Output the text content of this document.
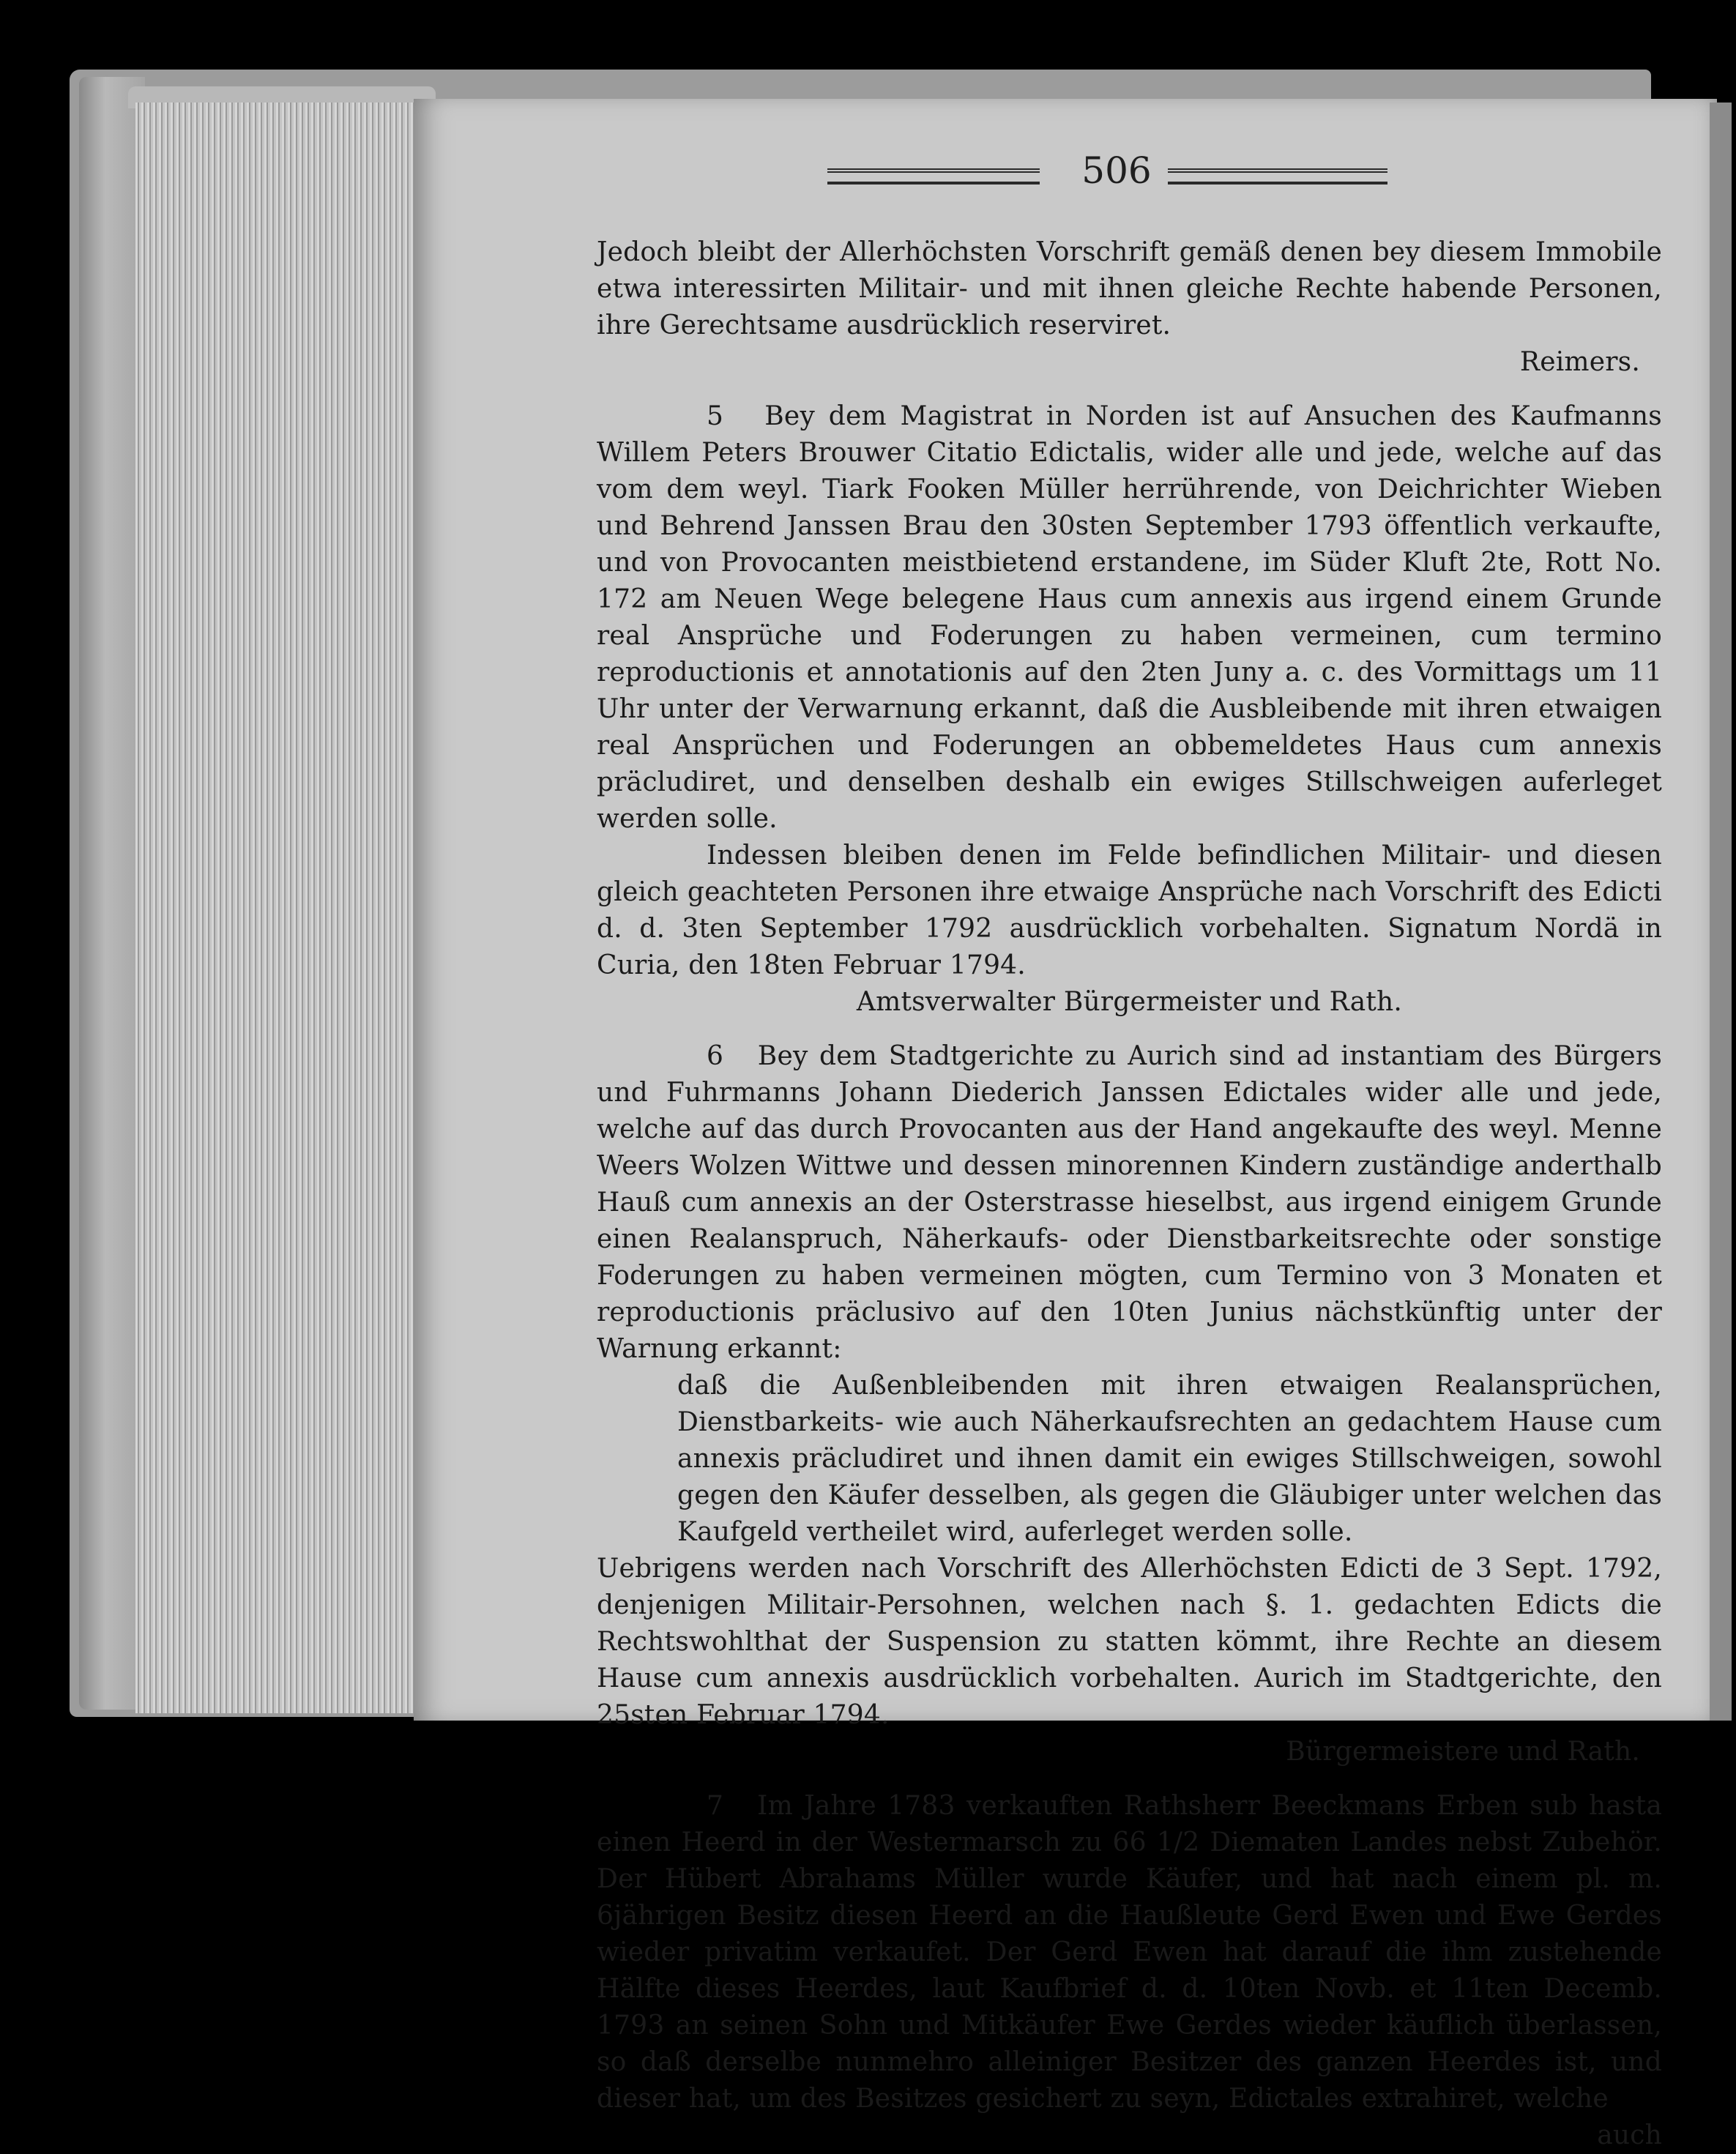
506

Jedoch bleibt der Allerhöchsten Vorschrift gemäß denen bey diesem Immobile etwa interessirten Militair- und mit ihnen gleiche Rechte habende Personen, ihre Gerechtsame ausdrücklich reserviret.

Reimers.

5 Bey dem Magistrat in Norden ist auf Ansuchen des Kaufmanns Willem Peters Brouwer Citatio Edictalis, wider alle und jede, welche auf das vom dem weyl. Tiark Fooken Müller herrührende, von Deichrichter Wieben und Behrend Janssen Brau den 30sten September 1793 öffentlich verkaufte, und von Provocanten meistbietend erstandene, im Süder Kluft 2te, Rott No. 172 am Neuen Wege belegene Haus cum annexis aus irgend einem Grunde real Ansprüche und Foderungen zu haben vermeinen, cum termino reproductionis et annotationis auf den 2ten Juny a. c. des Vormittags um 11 Uhr unter der Verwarnung erkannt, daß die Ausbleibende mit ihren etwaigen real Ansprüchen und Foderungen an obbemeldetes Haus cum annexis präcludiret, und denselben deshalb ein ewiges Stillschweigen auferleget werden solle.

Indessen bleiben denen im Felde befindlichen Militair- und diesen gleich geachteten Personen ihre etwaige Ansprüche nach Vorschrift des Edicti d. d. 3ten September 1792 ausdrücklich vorbehalten. Signatum Nordä in Curia, den 18ten Februar 1794.

Amtsverwalter Bürgermeister und Rath.

6 Bey dem Stadtgerichte zu Aurich sind ad instantiam des Bürgers und Fuhrmanns Johann Diederich Janssen Edictales wider alle und jede, welche auf das durch Provocanten aus der Hand angekaufte des weyl. Menne Weers Wolzen Wittwe und dessen minorennen Kindern zuständige anderthalb Hauß cum annexis an der Osterstrasse hieselbst, aus irgend einigem Grunde einen Realanspruch, Näherkaufs- oder Dienstbarkeitsrechte oder sonstige Foderungen zu haben vermeinen mögten, cum Termino von 3 Monaten et reproductionis präclusivo auf den 10ten Junius nächstkünftig unter der Warnung erkannt:

daß die Außenbleibenden mit ihren etwaigen Realansprüchen, Dienstbarkeits- wie auch Näherkaufsrechten an gedachtem Hause cum annexis präcludiret und ihnen damit ein ewiges Stillschweigen, sowohl gegen den Käufer desselben, als gegen die Gläubiger unter welchen das Kaufgeld vertheilet wird, auferleget werden solle.

Uebrigens werden nach Vorschrift des Allerhöchsten Edicti de 3 Sept. 1792, denjenigen Militair-Persohnen, welchen nach §. 1. gedachten Edicts die Rechtswohlthat der Suspension zu statten kömmt, ihre Rechte an diesem Hause cum annexis ausdrücklich vorbehalten. Aurich im Stadtgerichte, den 25sten Februar 1794.

Bürgermeistere und Rath.

7 Im Jahre 1783 verkauften Rathsherr Beeckmans Erben sub hasta einen Heerd in der Westermarsch zu 66 1/2 Diematen Landes nebst Zubehör. Der Hübert Abrahams Müller wurde Käufer, und hat nach einem pl. m. 6jährigen Besitz diesen Heerd an die Haußleute Gerd Ewen und Ewe Gerdes wieder privatim verkaufet. Der Gerd Ewen hat darauf die ihm zustehende Hälfte dieses Heerdes, laut Kaufbrief d. d. 10ten Novb. et 11ten Decemb. 1793 an seinen Sohn und Mitkäufer Ewe Gerdes wieder käuflich überlassen, so daß derselbe nunmehro alleiniger Besitzer des ganzen Heerdes ist, und dieser hat, um des Besitzes gesichert zu seyn, Edictales extrahiret, welche

auch
